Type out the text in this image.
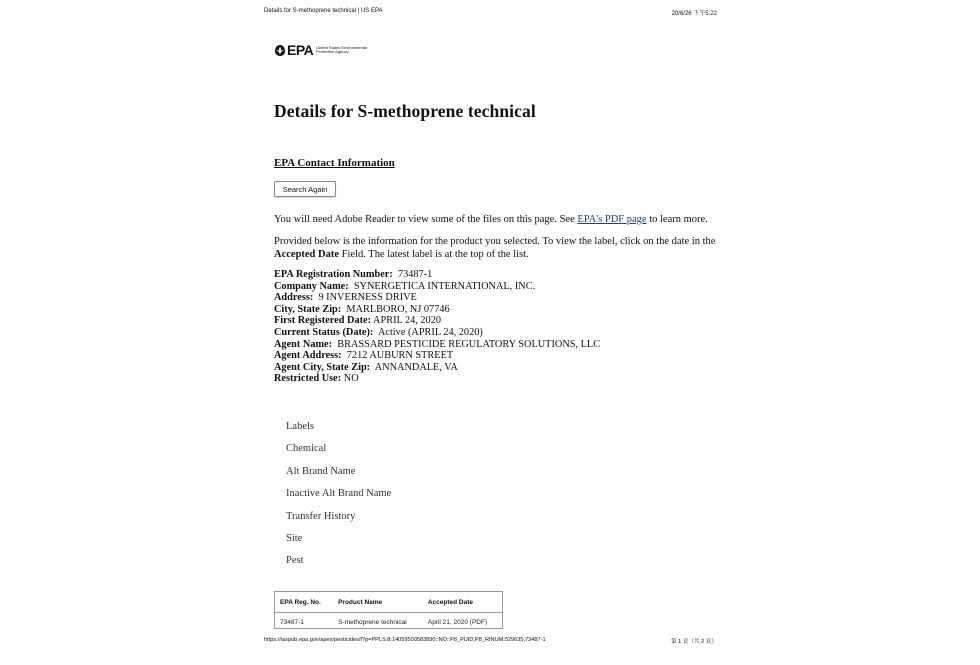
Details for S-methoprene technical | US EPA	20/6/26 下午5:22
EPA United States Environmental Protection Agency
Details for S-methoprene technical
EPA Contact Information
Search Again

You will need Adobe Reader to view some of the files on this page. See EPA's PDF page to learn more.

Provided below is the information for the product you selected. To view the label, click on the date in the
Accepted Date Field. The latest label is at the top of the list.

EPA Registration Number: 73487-1
Company Name: SYNERGETICA INTERNATIONAL, INC.
Address: 9 INVERNESS DRIVE
City, State Zip: MARLBORO, NJ 07746
First Registered Date: APRIL 24, 2020
Current Status (Date): Active (APRIL 24, 2020)
Agent Name: BRASSARD PESTICIDE REGULATORY SOLUTIONS, LLC
Agent Address: 7212 AUBURN STREET
Agent City, State Zip: ANNANDALE, VA
Restricted Use: NO
Labels
Chemical
Alt Brand Name
Inactive Alt Brand Name
Transfer History
Site
Pest
EPA Reg. No.	Product Name	Accepted Date
73487-1	S-methoprene technical	April 21, 2020 (PDF)
https://iaspub.epa.gov/apex/pesticides/f?p=PPLS:8:14059500583890::NO::P8_PUID,P8_RINUM:529635,73487-1	第 1 頁（共 2 頁）
